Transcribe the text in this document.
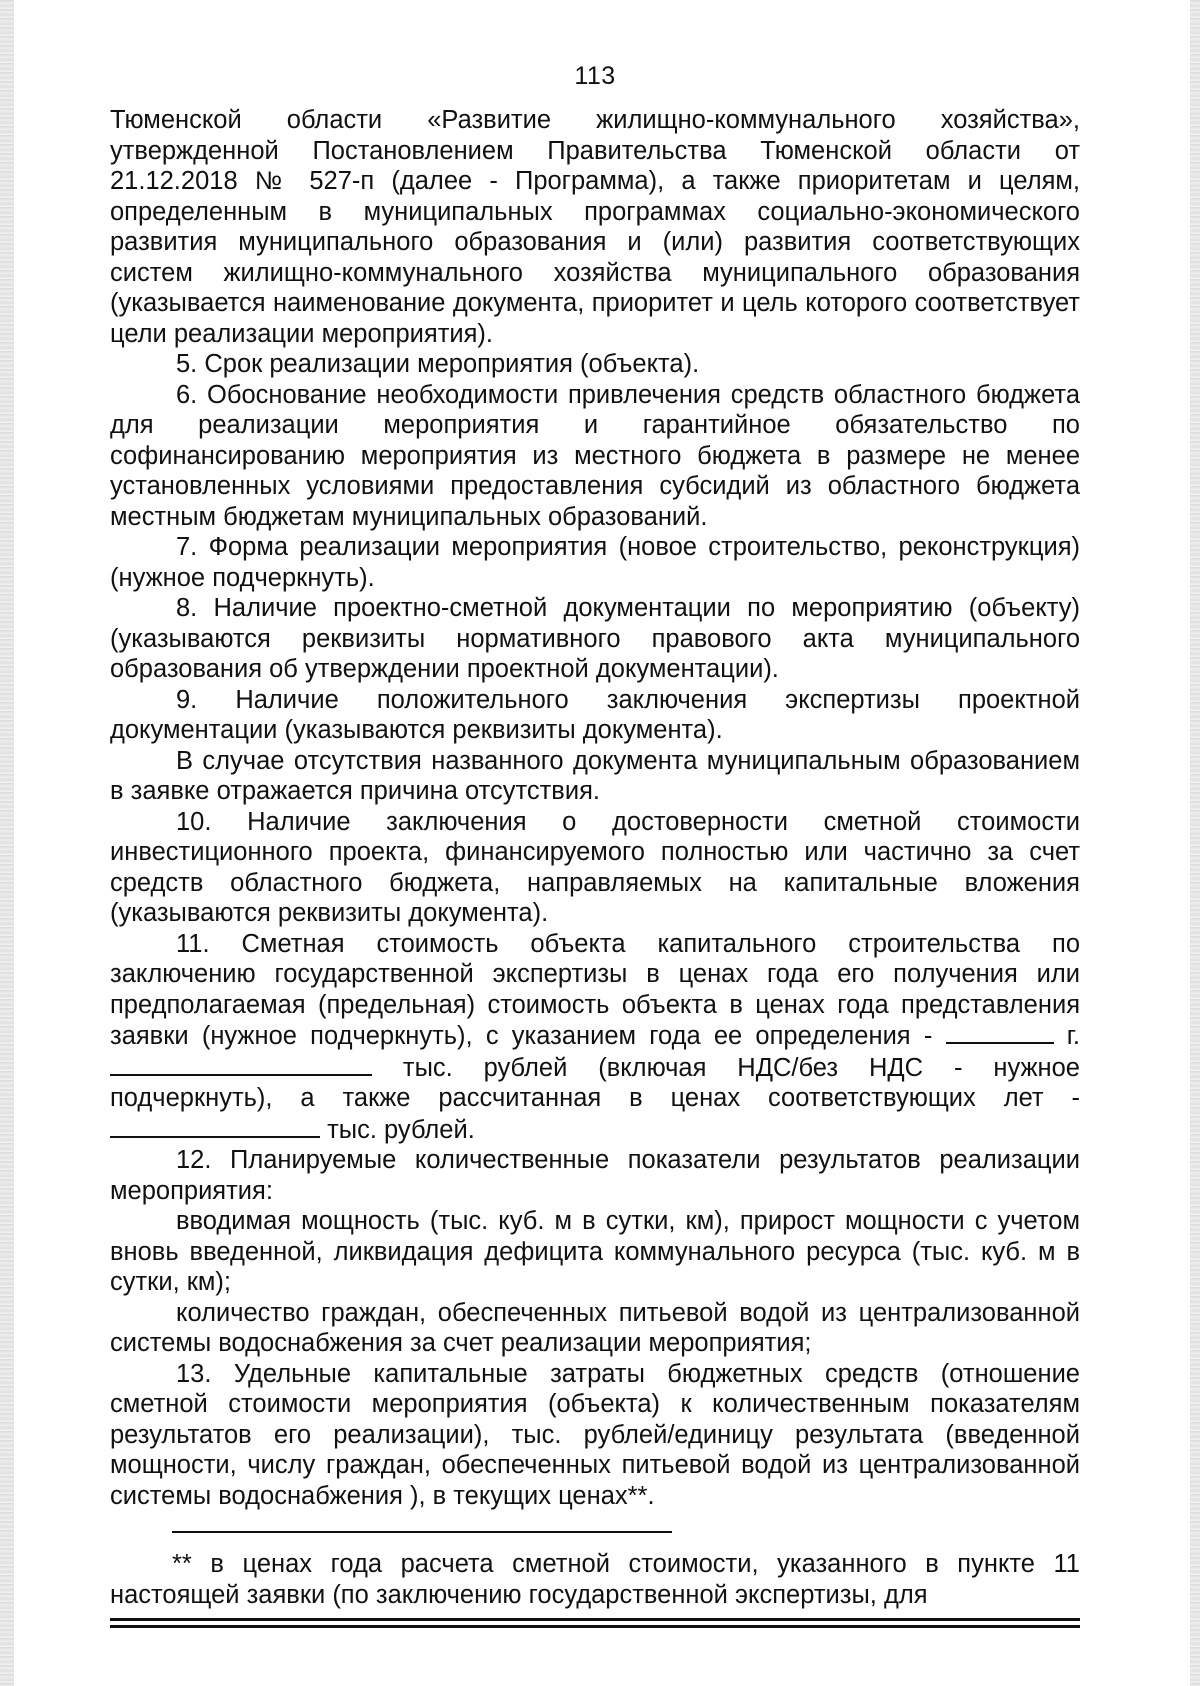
113

Тюменской области «Развитие жилищно-коммунального хозяйства», утвержденной Постановлением Правительства Тюменской области от 21.12.2018 № 527-п (далее - Программа), а также приоритетам и целям, определенным в муниципальных программах социально-экономического развития муниципального образования и (или) развития соответствующих систем жилищно-коммунального хозяйства муниципального образования (указывается наименование документа, приоритет и цель которого соответствует цели реализации мероприятия).

5. Срок реализации мероприятия (объекта).

6. Обоснование необходимости привлечения средств областного бюджета для реализации мероприятия и гарантийное обязательство по софинансированию мероприятия из местного бюджета в размере не менее установленных условиями предоставления субсидий из областного бюджета местным бюджетам муниципальных образований.

7. Форма реализации мероприятия (новое строительство, реконструкция) (нужное подчеркнуть).

8. Наличие проектно-сметной документации по мероприятию (объекту) (указываются реквизиты нормативного правового акта муниципального образования об утверждении проектной документации).

9. Наличие положительного заключения экспертизы проектной документации (указываются реквизиты документа).

В случае отсутствия названного документа муниципальным образованием в заявке отражается причина отсутствия.

10. Наличие заключения о достоверности сметной стоимости инвестиционного проекта, финансируемого полностью или частично за счет средств областного бюджета, направляемых на капитальные вложения (указываются реквизиты документа).

11. Сметная стоимость объекта капитального строительства по заключению государственной экспертизы в ценах года его получения или предполагаемая (предельная) стоимость объекта в ценах года представления заявки (нужное подчеркнуть), с указанием года ее определения -	г.  тыс. рублей (включая НДС/без НДС - нужное подчеркнуть), а также рассчитанная в ценах соответствующих лет -  тыс. рублей.

12. Планируемые количественные показатели результатов реализации мероприятия:

вводимая мощность (тыс. куб. м в сутки, км), прирост мощности с учетом вновь введенной, ликвидация дефицита коммунального ресурса (тыс. куб. м в сутки, км);

количество граждан, обеспеченных питьевой водой из централизованной системы водоснабжения за счет реализации мероприятия;

13. Удельные капитальные затраты бюджетных средств (отношение сметной стоимости мероприятия (объекта) к количественным показателям результатов его реализации), тыс. рублей/единицу результата (введенной мощности, числу граждан, обеспеченных питьевой водой из централизованной системы водоснабжения ), в текущих ценах**.

** в ценах года расчета сметной стоимости, указанного в пункте 11 настоящей заявки (по заключению государственной экспертизы, для
